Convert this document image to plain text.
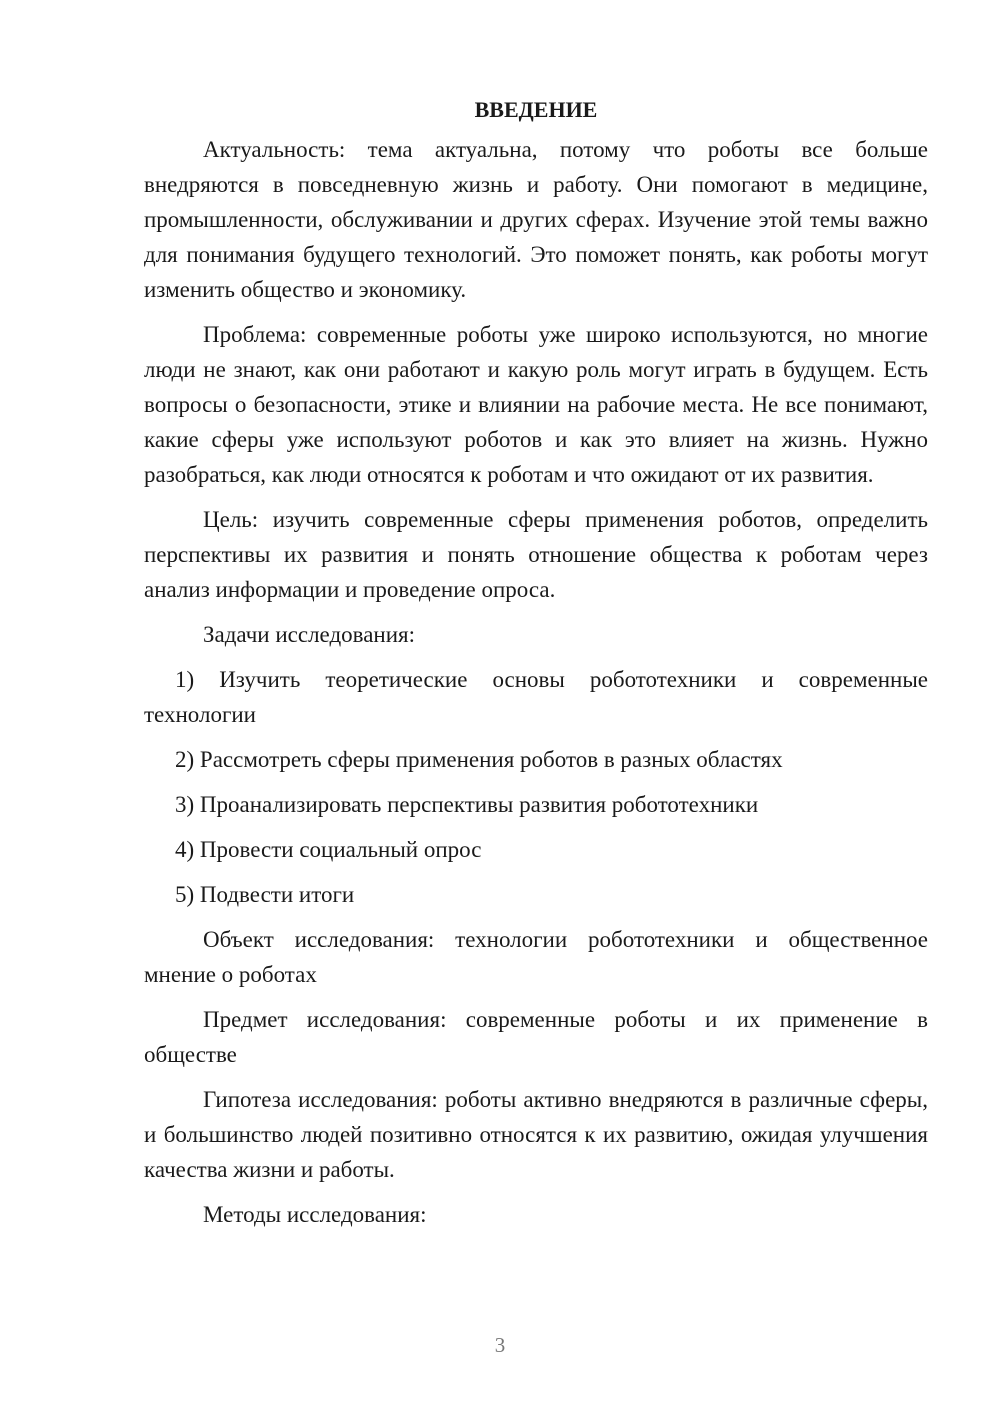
ВВЕДЕНИЕ

Актуальность: тема актуальна, потому что роботы все больше внедряются в повседневную жизнь и работу. Они помогают в медицине, промышленности, обслуживании и других сферах. Изучение этой темы важно для понимания будущего технологий. Это поможет понять, как роботы могут изменить общество и экономику.

Проблема: современные роботы уже широко используются, но многие люди не знают, как они работают и какую роль могут играть в будущем. Есть вопросы о безопасности, этике и влиянии на рабочие места. Не все понимают, какие сферы уже используют роботов и как это влияет на жизнь. Нужно разобраться, как люди относятся к роботам и что ожидают от их развития.

Цель: изучить современные сферы применения роботов, определить перспективы их развития и понять отношение общества к роботам через анализ информации и проведение опроса.

Задачи исследования:

1) Изучить теоретические основы робототехники и современные технологии

2) Рассмотреть сферы применения роботов в разных областях

3) Проанализировать перспективы развития робототехники

4) Провести социальный опрос

5) Подвести итоги

Объект исследования: технологии робототехники и общественное мнение о роботах

Предмет исследования: современные роботы и их применение в обществе

Гипотеза исследования: роботы активно внедряются в различные сферы, и большинство людей позитивно относятся к их развитию, ожидая улучшения качества жизни и работы.

Методы исследования:

3
